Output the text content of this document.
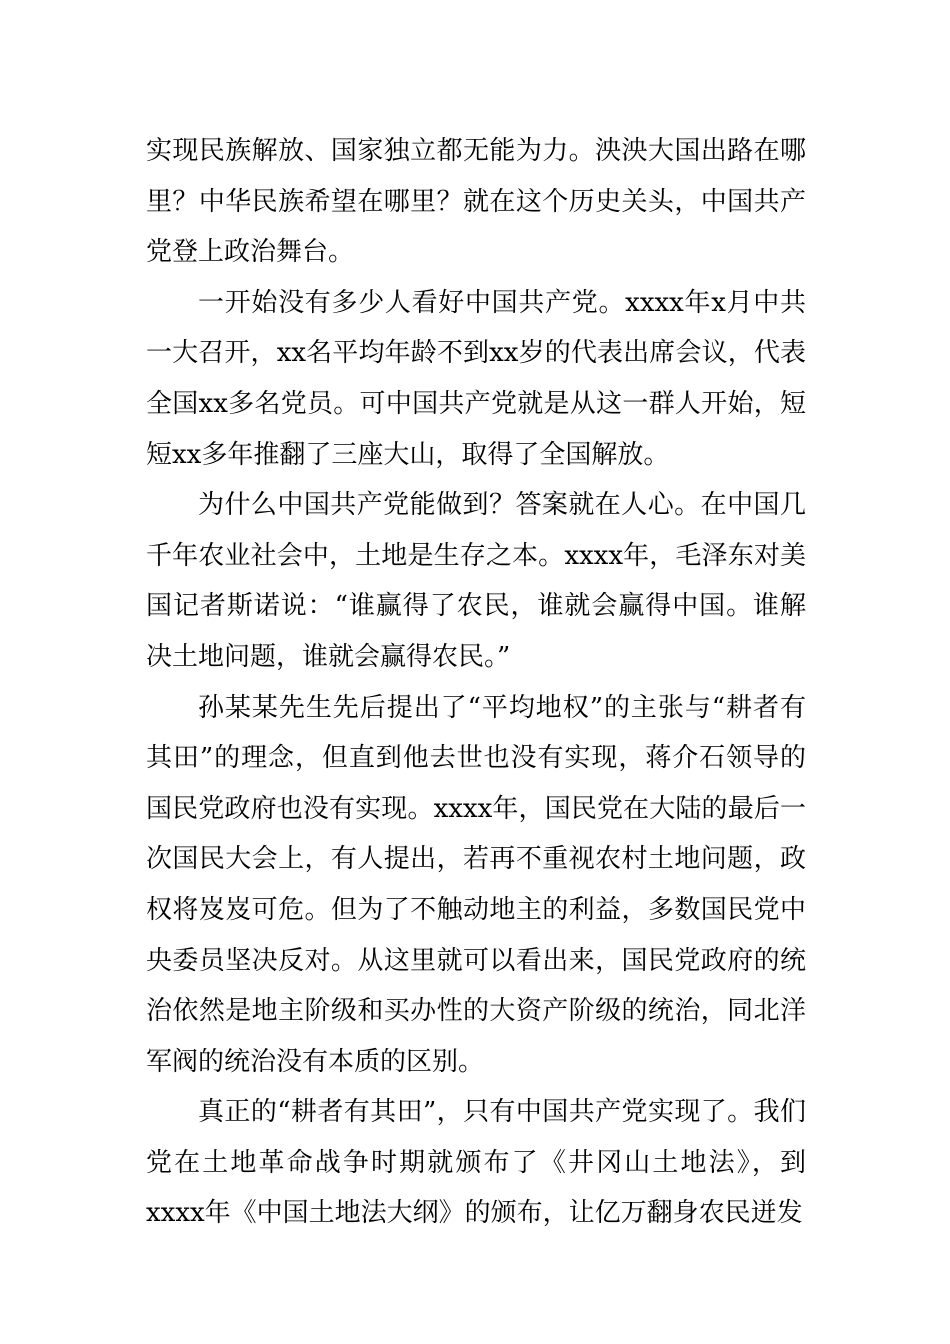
实现民族解放、国家独立都无能为力。泱泱大国出路在哪里？中华民族希望在哪里？就在这个历史关头，中国共产党登上政治舞台。

一开始没有多少人看好中国共产党。xxxx年x月中共一大召开，xx名平均年龄不到xx岁的代表出席会议，代表全国xx多名党员。可中国共产党就是从这一群人开始，短短xx多年推翻了三座大山，取得了全国解放。

为什么中国共产党能做到？答案就在人心。在中国几千年农业社会中，土地是生存之本。xxxx年，毛泽东对美国记者斯诺说：“谁赢得了农民，谁就会赢得中国。谁解决土地问题，谁就会赢得农民。”

孙某某先生先后提出了“平均地权”的主张与“耕者有其田”的理念，但直到他去世也没有实现，蒋介石领导的国民党政府也没有实现。xxxx年，国民党在大陆的最后一次国民大会上，有人提出，若再不重视农村土地问题，政权将岌岌可危。但为了不触动地主的利益，多数国民党中央委员坚决反对。从这里就可以看出来，国民党政府的统治依然是地主阶级和买办性的大资产阶级的统治，同北洋军阀的统治没有本质的区别。

真正的“耕者有其田”，只有中国共产党实现了。我们党在土地革命战争时期就颁布了《井冈山土地法》，到xxxx年《中国土地法大纲》的颁布，让亿万翻身农民迸发
